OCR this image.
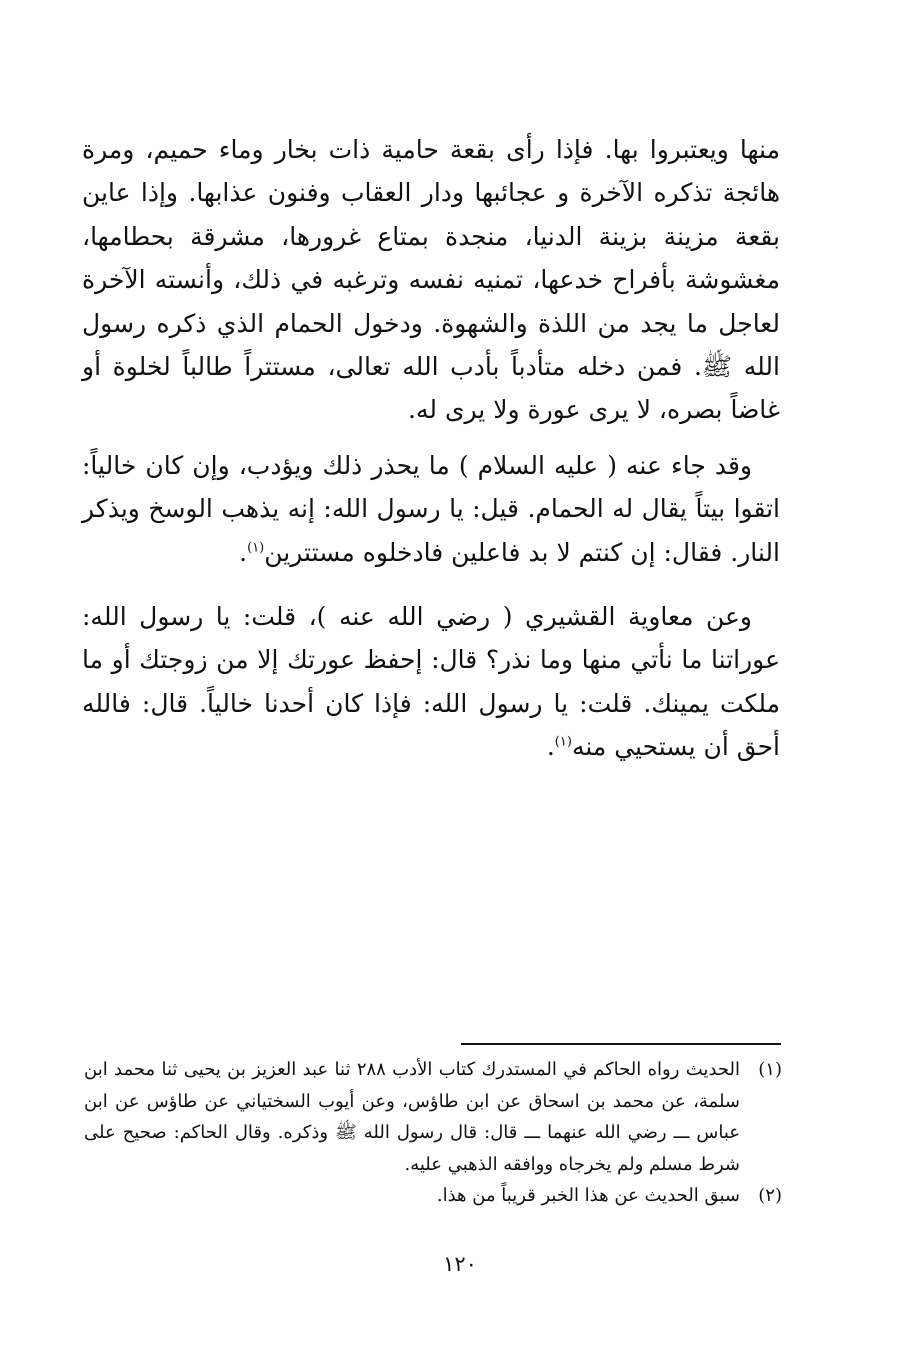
منها ويعتبروا بها. فإذا رأى بقعة حامية ذات بخار وماء حميم، ومرة هائجة تذكره الآخرة و عجائبها ودار العقاب وفنون عذابها. وإذا عاين بقعة مزينة بزينة الدنيا، منجدة بمتاع غرورها، مشرقة بحطامها، مغشوشة بأفراح خدعها، تمنيه نفسه وترغبه في ذلك، وأنسته الآخرة لعاجل ما يجد من اللذة والشهوة. ودخول الحمام الذي ذكره رسول الله ﷺ. فمن دخله متأدباً بأدب الله تعالى، مستتراً طالباً لخلوة أو غاضاً بصره، لا يرى عورة ولا يرى له.

وقد جاء عنه ( عليه السلام ) ما يحذر ذلك ويؤدب، وإن كان خالياً: اتقوا بيتاً يقال له الحمام. قيل: يا رسول الله: إنه يذهب الوسخ ويذكر النار. فقال: إن كنتم لا بد فاعلين فادخلوه مستترين$^{(١)}$.

وعن معاوية القشيري ( رضي الله عنه )، قلت: يا رسول الله: عوراتنا ما نأتي منها وما نذر؟ قال: إحفظ عورتك إلا من زوجتك أو ما ملكت يمينك. قلت: يا رسول الله: فإذا كان أحدنا خالياً. قال: فالله أحق أن يستحيي منه$^{(١)}$.

(١)الحديث رواه الحاكم في المستدرك كتاب الأدب ٢٨٨ ثنا عبد العزيز بن يحيى ثنا محمد ابن سلمة، عن محمد بن اسحاق عن ابن طاؤس، وعن أيوب السختياني عن طاؤس عن ابن عباس ـــ رضي الله عنهما ـــ قال: قال رسول الله ﷺ وذكره. وقال الحاكم: صحيح على شرط مسلم ولم يخرجاه ووافقه الذهبي عليه.

(٢)سبق الحديث عن هذا الخبر قريباً من هذا.

١٢٠
